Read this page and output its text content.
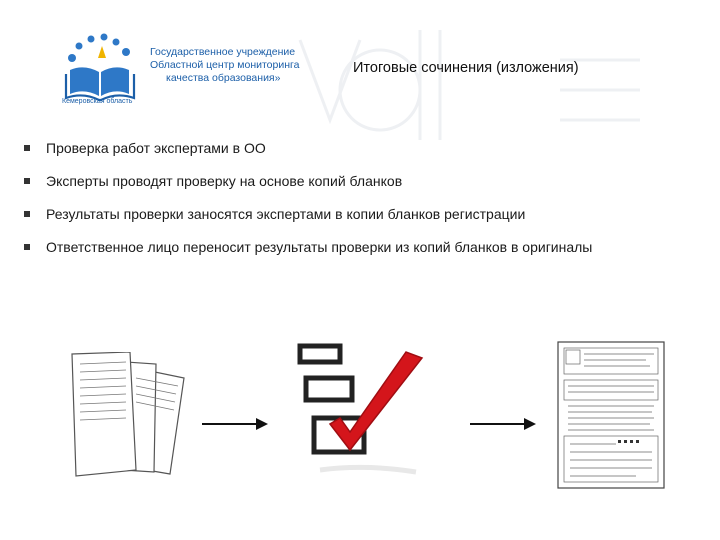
Кемеровская область
Государственное учреждение
Областной центр мониторинга
качества образования»
Итоговые сочинения (изложения)
Проверка работ экспертами в ОО
Эксперты проводят проверку на основе копий бланков
Результаты проверки заносятся экспертами в копии бланков регистрации
Ответственное лицо переносит результаты проверки из копий бланков в оригиналы
